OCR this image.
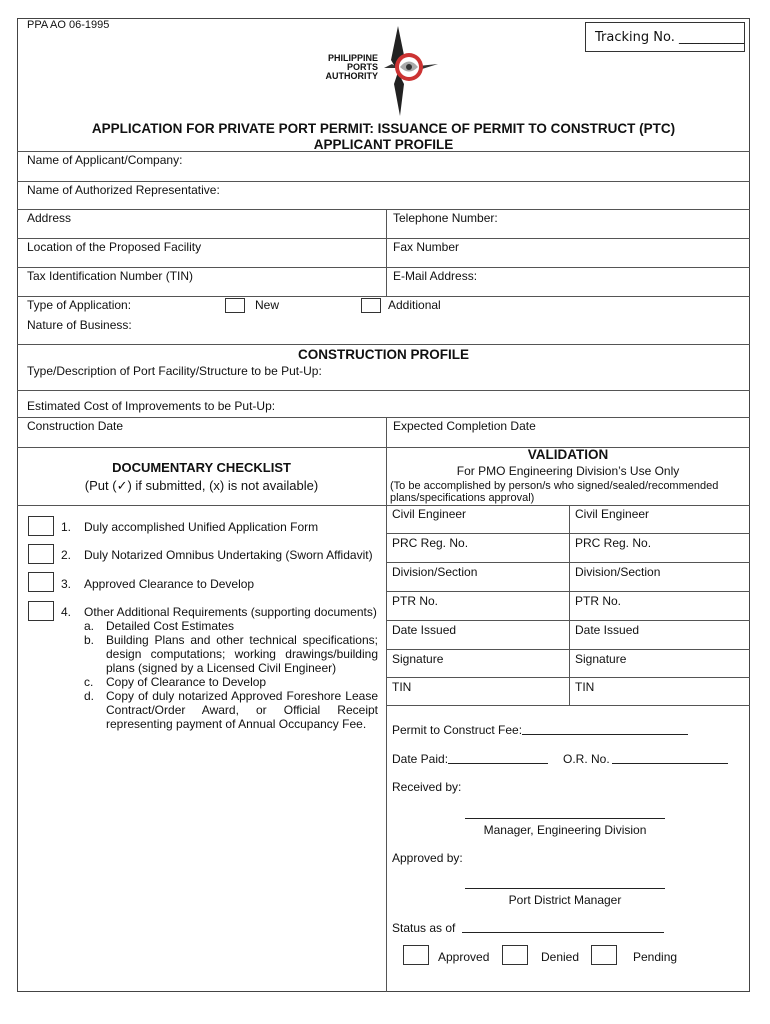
PPA AO 06-1995
Tracking No. __________
PHILIPPINE
PORTS
AUTHORITY
APPLICATION FOR PRIVATE PORT PERMIT: ISSUANCE OF PERMIT TO CONSTRUCT (PTC)
APPLICANT PROFILE
Name of Applicant/Company:
Name of Authorized Representative:
Address	Telephone Number:
Location of the Proposed Facility	Fax Number
Tax Identification Number (TIN)	E-Mail Address:
Type of Application:	New	Additional
Nature of Business:
CONSTRUCTION PROFILE
Type/Description of Port Facility/Structure to be Put-Up:
Estimated Cost of Improvements to be Put-Up:
Construction Date	Expected Completion Date
DOCUMENTARY CHECKLIST
(Put (✓) if submitted, (x) is not available)
1. Duly accomplished Unified Application Form
2. Duly Notarized Omnibus Undertaking (Sworn Affidavit)
3. Approved Clearance to Develop
4. Other Additional Requirements (supporting documents)
a. Detailed Cost Estimates
b. Building Plans and other technical specifications;
design computations; working drawings/building
plans (signed by a Licensed Civil Engineer)
c. Copy of Clearance to Develop
d. Copy of duly notarized Approved Foreshore Lease
Contract/Order Award, or Official Receipt
representing payment of Annual Occupancy Fee.
VALIDATION
For PMO Engineering Division’s Use Only
(To be accomplished by person/s who signed/sealed/recommended
plans/specifications approval)
Civil Engineer	Civil Engineer
PRC Reg. No.	PRC Reg. No.
Division/Section	Division/Section
PTR No.	PTR No.
Date Issued	Date Issued
Signature	Signature
TIN	TIN
Permit to Construct Fee:
Date Paid:	O.R. No.
Received by:
Manager, Engineering Division
Approved by:
Port District Manager
Status as of
Approved	Denied	Pending
